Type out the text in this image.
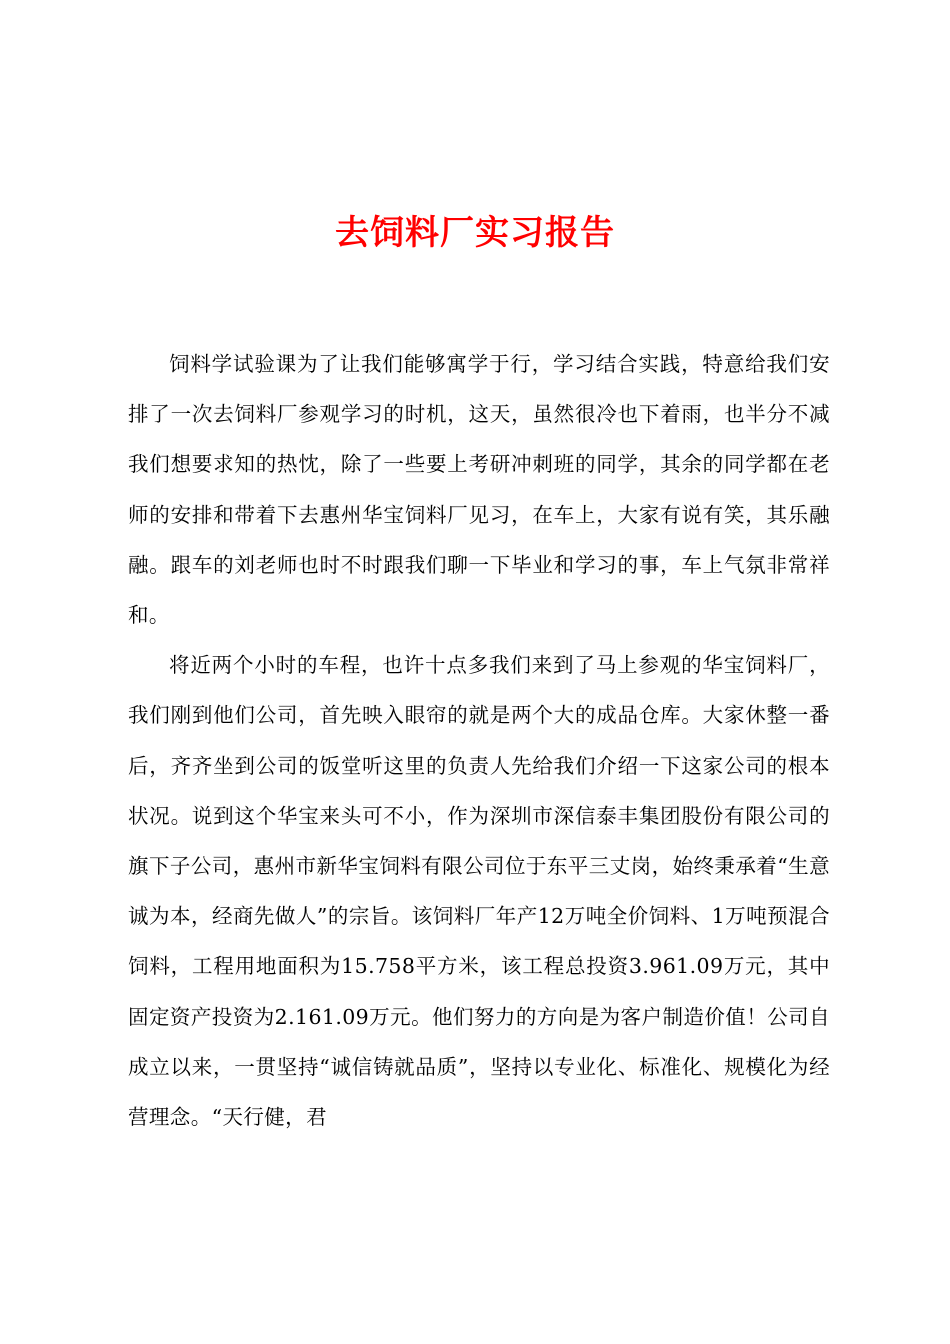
去饲料厂实习报告

饲料学试验课为了让我们能够寓学于行，学习结合实践，特意给我们安排了一次去饲料厂参观学习的时机，这天，虽然很冷也下着雨，也半分不减我们想要求知的热忱，除了一些要上考研冲刺班的同学，其余的同学都在老师的安排和带着下去惠州华宝饲料厂见习，在车上，大家有说有笑，其乐融融。跟车的刘老师也时不时跟我们聊一下毕业和学习的事，车上气氛非常祥和。

将近两个小时的车程，也许十点多我们来到了马上参观的华宝饲料厂，我们刚到他们公司，首先映入眼帘的就是两个大的成品仓库。大家休整一番后，齐齐坐到公司的饭堂听这里的负责人先给我们介绍一下这家公司的根本状况。说到这个华宝来头可不小，作为深圳市深信泰丰集团股份有限公司的旗下子公司，惠州市新华宝饲料有限公司位于东平三丈岗，始终秉承着“生意诚为本，经商先做人”的宗旨。该饲料厂年产12万吨全价饲料、1万吨预混合饲料，工程用地面积为15.758平方米，该工程总投资3.961.09万元，其中固定资产投资为2.161.09万元。他们努力的方向是为客户制造价值！公司自成立以来，一贯坚持“诚信铸就品质”，坚持以专业化、标准化、规模化为经营理念。“天行健，君
